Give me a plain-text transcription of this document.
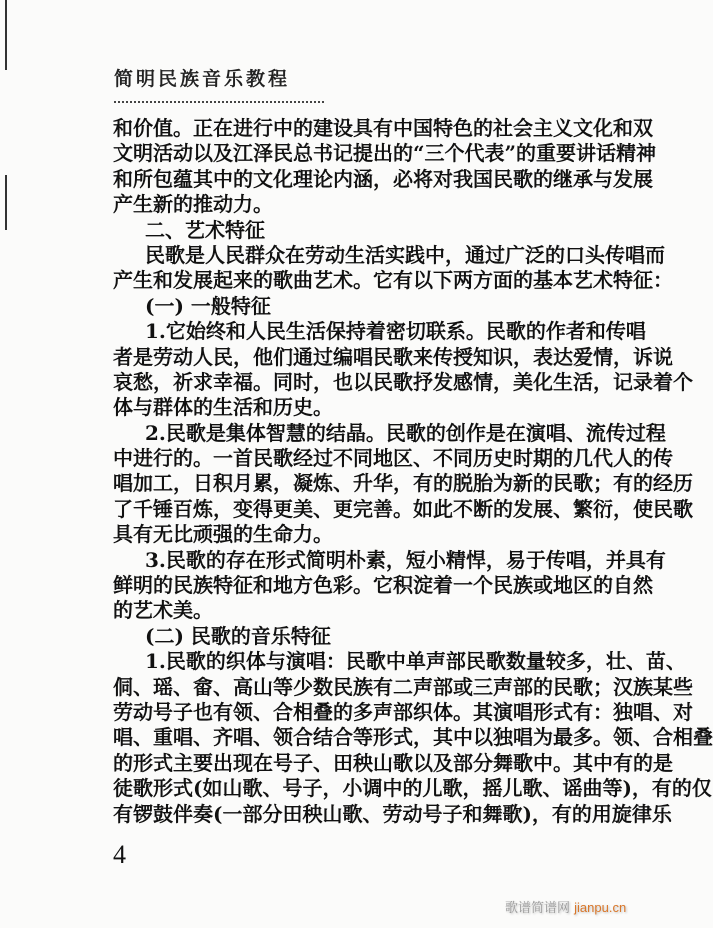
简明民族音乐教程
和价值。正在进行中的建设具有中国特色的社会主义文化和双
文明活动以及江泽民总书记提出的“三个代表”的重要讲话精神
和所包蕴其中的文化理论内涵，必将对我国民歌的继承与发展
产生新的推动力。
二、艺术特征
民歌是人民群众在劳动生活实践中，通过广泛的口头传唱而
产生和发展起来的歌曲艺术。它有以下两方面的基本艺术特征：
(一) 一般特征
1.它始终和人民生活保持着密切联系。民歌的作者和传唱
者是劳动人民，他们通过编唱民歌来传授知识，表达爱情，诉说
哀愁，祈求幸福。同时，也以民歌抒发感情，美化生活，记录着个
体与群体的生活和历史。
2.民歌是集体智慧的结晶。民歌的创作是在演唱、流传过程
中进行的。一首民歌经过不同地区、不同历史时期的几代人的传
唱加工，日积月累，凝炼、升华，有的脱胎为新的民歌；有的经历
了千锤百炼，变得更美、更完善。如此不断的发展、繁衍，使民歌
具有无比顽强的生命力。
3.民歌的存在形式简明朴素，短小精悍，易于传唱，并具有
鲜明的民族特征和地方色彩。它积淀着一个民族或地区的自然
的艺术美。
(二) 民歌的音乐特征
1.民歌的织体与演唱：民歌中单声部民歌数量较多，壮、苗、
侗、瑶、畲、高山等少数民族有二声部或三声部的民歌；汉族某些
劳动号子也有领、合相叠的多声部织体。其演唱形式有：独唱、对
唱、重唱、齐唱、领合结合等形式，其中以独唱为最多。领、合相叠
的形式主要出现在号子、田秧山歌以及部分舞歌中。其中有的是
徒歌形式(如山歌、号子，小调中的儿歌，摇儿歌、谣曲等)，有的仅
有锣鼓伴奏(一部分田秧山歌、劳动号子和舞歌)，有的用旋律乐
4
歌谱简谱网 jianpu.cn
